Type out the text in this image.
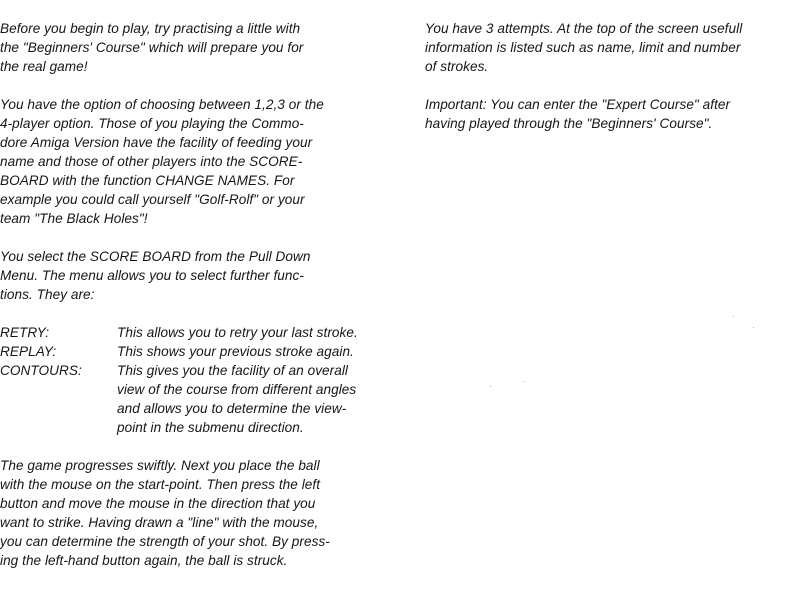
Before you begin to play, try practising a little with
the "Beginners' Course" which will prepare you for
the real game!

You have the option of choosing between 1,2,3 or the
4-player option. Those of you playing the Commo-
dore Amiga Version have the facility of feeding your
name and those of other players into the SCORE-
BOARD with the function CHANGE NAMES. For
example you could call yourself "Golf-Rolf" or your
team "The Black Holes"!

You select the SCORE BOARD from the Pull Down
Menu. The menu allows you to select further func-
tions. They are:

RETRY:	This allows you to retry your last stroke.
REPLAY:	This shows your previous stroke again.
CONTOURS:	This gives you the facility of an overall
view of the course from different angles
and allows you to determine the view-
point in the submenu direction.

The game progresses swiftly. Next you place the ball
with the mouse on the start-point. Then press the left
button and move the mouse in the direction that you
want to strike. Having drawn a "line" with the mouse,
you can determine the strength of your shot. By press-
ing the left-hand button again, the ball is struck.

You have 3 attempts. At the top of the screen usefull
information is listed such as name, limit and number
of strokes.

Important: You can enter the "Expert Course" after
having played through the "Beginners' Course".
